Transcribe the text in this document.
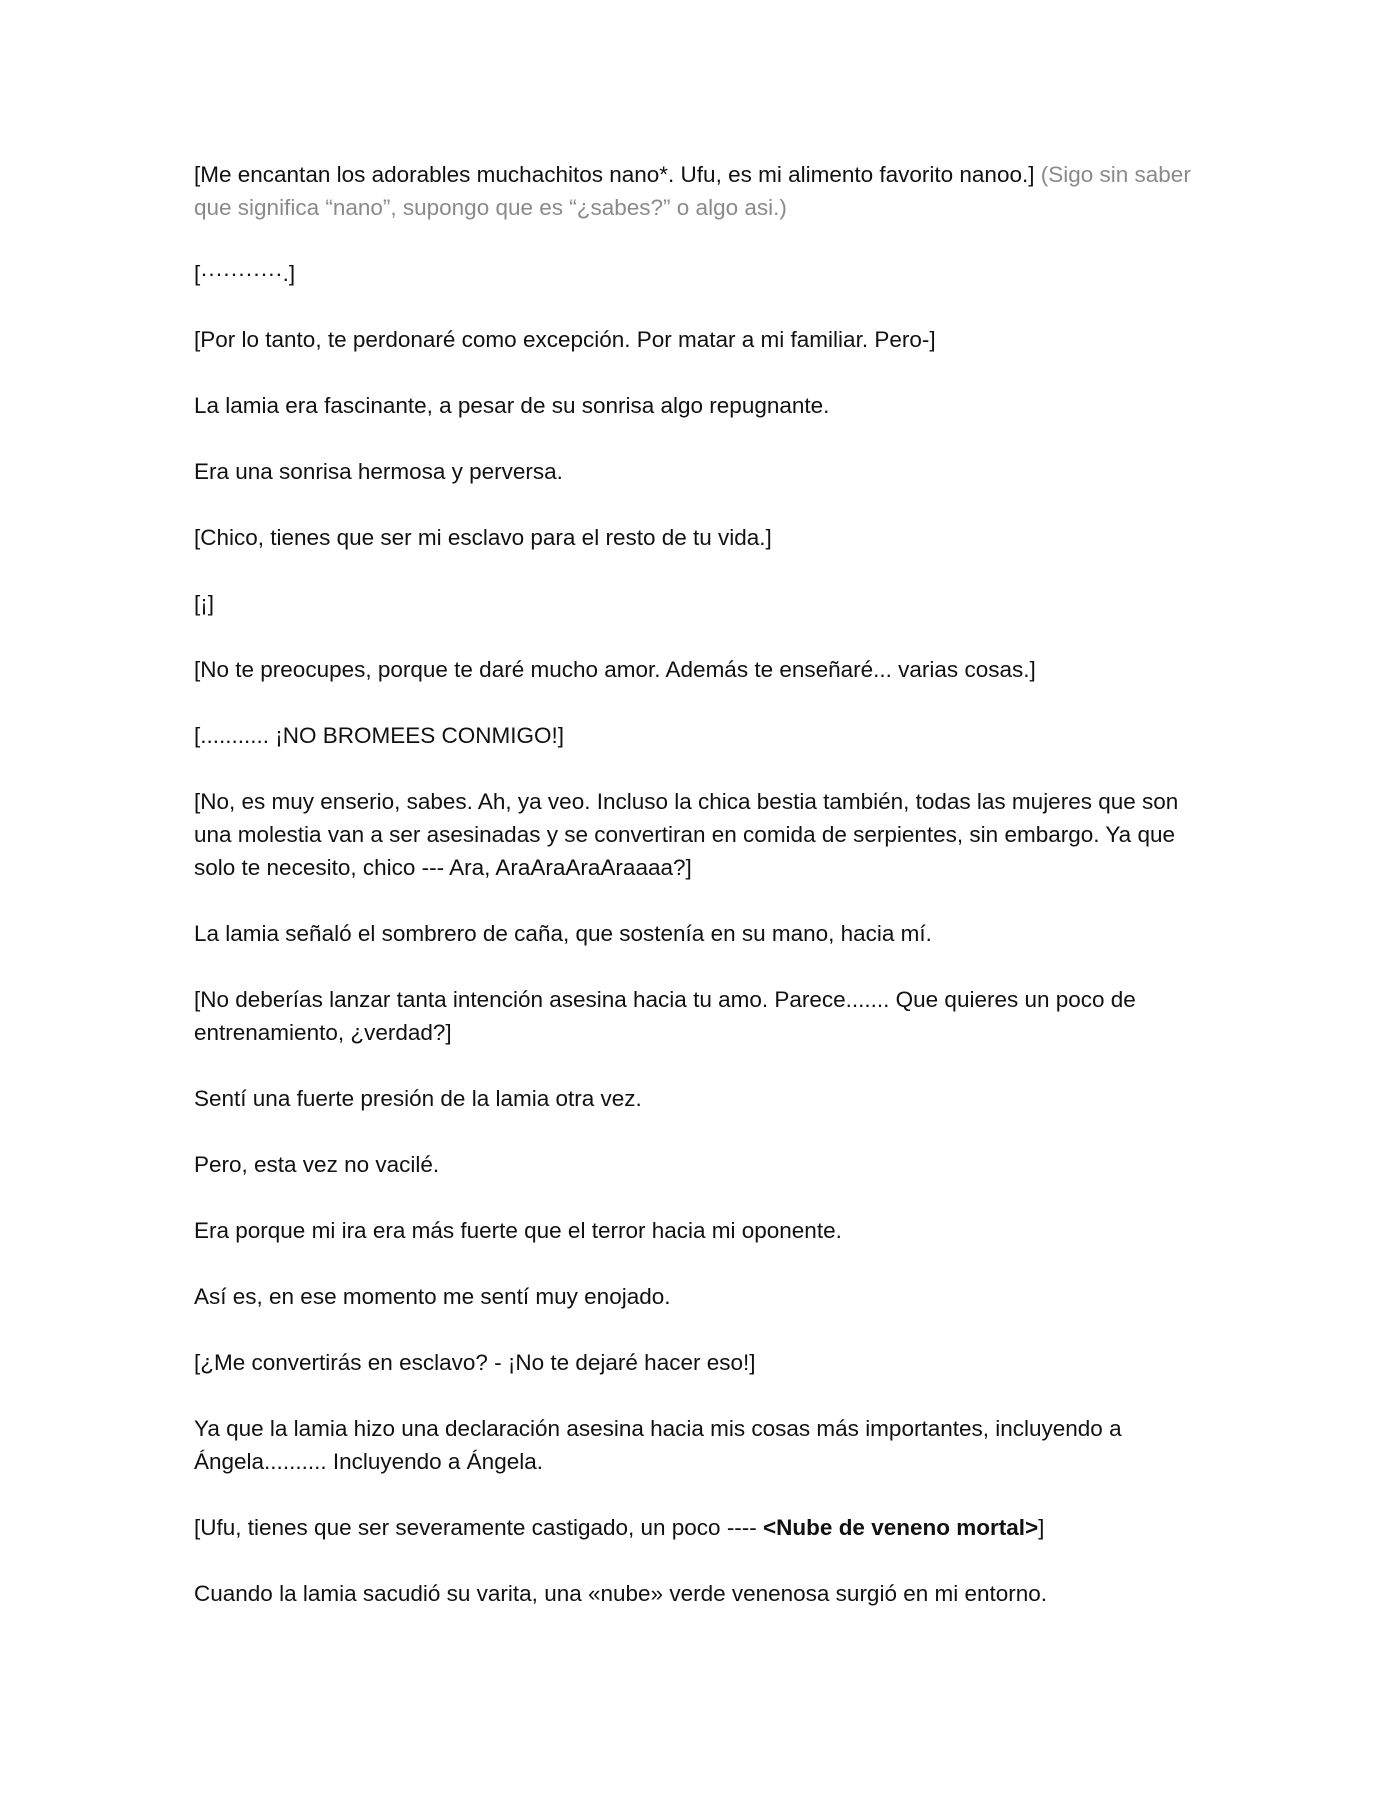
[Me encantan los adorables muchachitos nano*. Ufu, es mi alimento favorito nanoo.] (Sigo sin saber que significa “nano”, supongo que es “¿sabes?” o algo asi.)

[···········.]

[Por lo tanto, te perdonaré como excepción. Por matar a mi familiar. Pero-]

La lamia era fascinante, a pesar de su sonrisa algo repugnante.

Era una sonrisa hermosa y perversa.

[Chico, tienes que ser mi esclavo para el resto de tu vida.]

[¡]

[No te preocupes, porque te daré mucho amor. Además te enseñaré... varias cosas.]

[........... ¡NO BROMEES CONMIGO!]

[No, es muy enserio, sabes. Ah, ya veo. Incluso la chica bestia también, todas las mujeres que son una molestia van a ser asesinadas y se convertiran en comida de serpientes, sin embargo. Ya que solo te necesito, chico --- Ara, AraAraAraAraaaa?]

La lamia señaló el sombrero de caña, que sostenía en su mano, hacia mí.

[No deberías lanzar tanta intención asesina hacia tu amo. Parece....... Que quieres un poco de entrenamiento, ¿verdad?]

Sentí una fuerte presión de la lamia otra vez.

Pero, esta vez no vacilé.

Era porque mi ira era más fuerte que el terror hacia mi oponente.

Así es, en ese momento me sentí muy enojado.

[¿Me convertirás en esclavo? - ¡No te dejaré hacer eso!]

Ya que la lamia hizo una declaración asesina hacia mis cosas más importantes, incluyendo a Ángela.......... Incluyendo a Ángela.

[Ufu, tienes que ser severamente castigado, un poco ---- <Nube de veneno mortal>]

Cuando la lamia sacudió su varita, una «nube» verde venenosa surgió en mi entorno.
